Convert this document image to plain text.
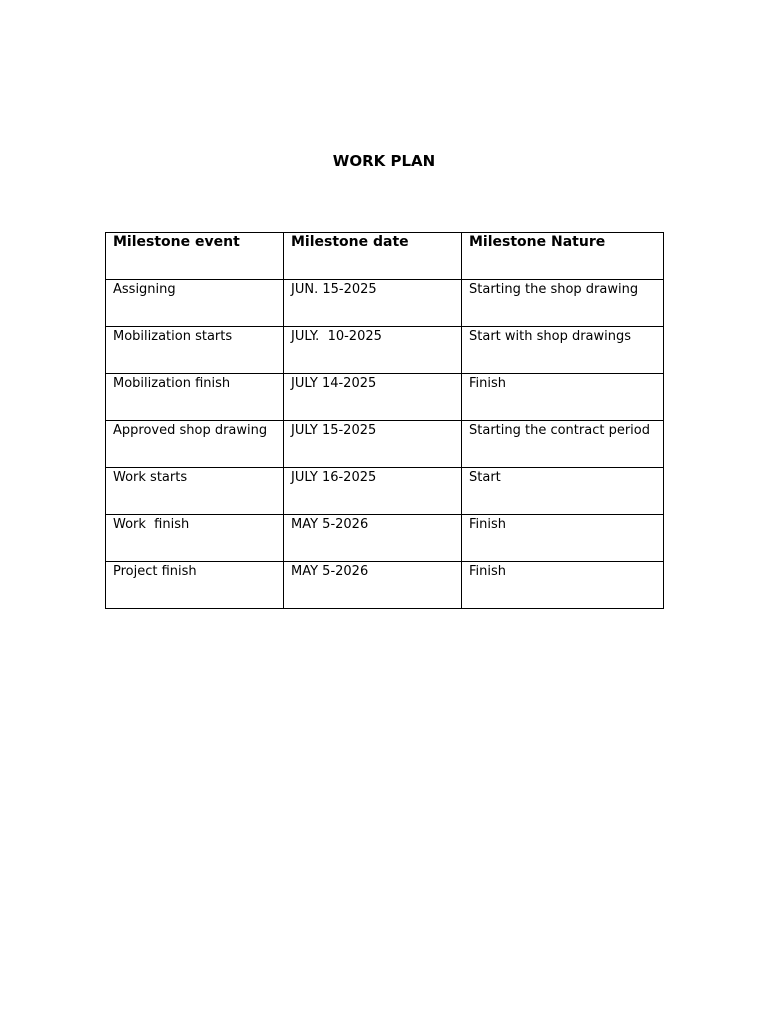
WORK PLAN
Milestone event	Milestone date	Milestone Nature
Assigning	JUN. 15-2025	Starting the shop drawing
Mobilization starts	JULY.  10-2025	Start with shop drawings
Mobilization finish	JULY 14-2025	Finish
Approved shop drawing	JULY 15-2025	Starting the contract period
Work starts	JULY 16-2025	Start
Work  finish	MAY 5-2026	Finish
Project finish	MAY 5-2026	Finish
